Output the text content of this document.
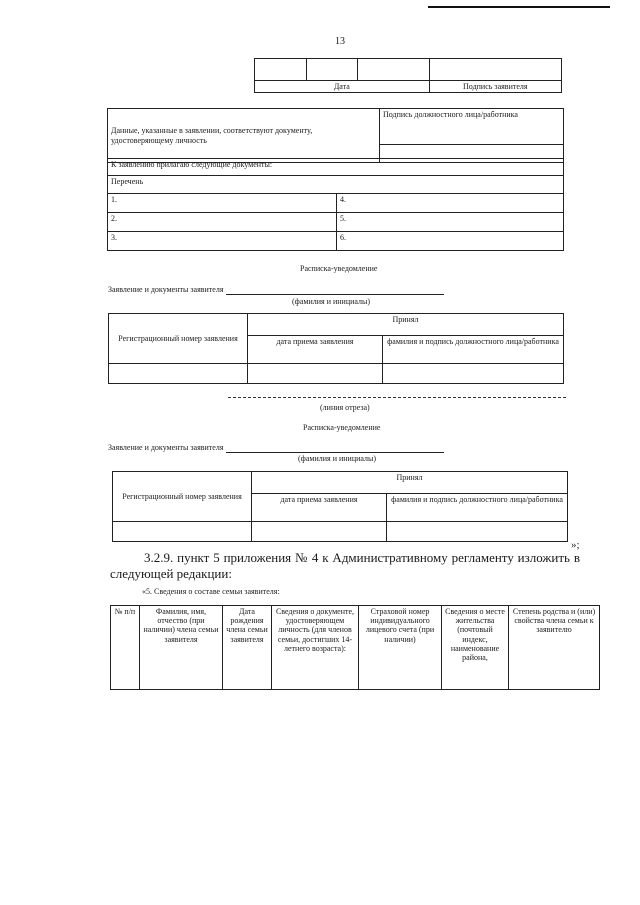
13

Дата			Подпись заявителя
Данные, указанные в заявлении, соответствуют документу, удостоверяющему личность	Подпись должностного лица/работника

К заявлению прилагаю следующие документы:	
Перечень	
1.	4.
2.	5.
3.	6.
Расписка-уведомление
Заявление и документы заявителя
(фамилия и инициалы)
Регистрационный номер заявления	Принял	
	дата приема заявления	фамилия и подпись должностного лица/работника

(линия отреза)
Расписка-уведомление
Заявление и документы заявителя
(фамилия и инициалы)
Регистрационный номер заявления	Принял	
	дата приема заявления	фамилия и подпись должностного лица/работника

»;
3.2.9. пункт 5 приложения № 4 к Административному регламенту изложить в следующей редакции:
«5. Сведения о составе семьи заявителя:
№ п/п	Фамилия, имя, отчество (при наличии) члена семьи заявителя	Дата рождения члена семьи заявителя	Сведения о документе, удостоверяющем личность (для членов семьи, достигших 14-летнего возраста):	Страховой номер индивидуального лицевого счета (при наличии)	Сведения о месте жительства (почтовый индекс, наименование района,	Степень родства и (или) свойства члена семьи к заявителю
